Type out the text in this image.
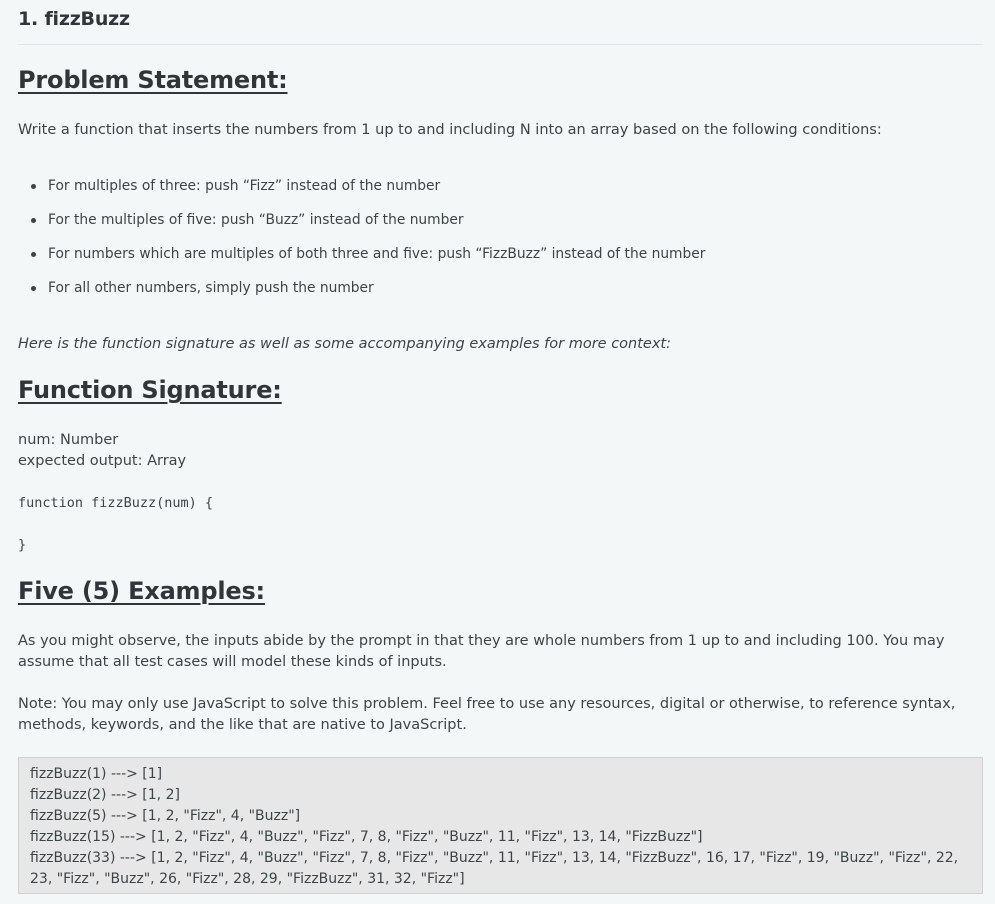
1. fizzBuzz
Problem Statement:

Write a function that inserts the numbers from 1 up to and including N into an array based on the following conditions:

For multiples of three: push “Fizz” instead of the number
For the multiples of five: push “Buzz” instead of the number
For numbers which are multiples of both three and five: push “FizzBuzz” instead of the number
For all other numbers, simply push the number

Here is the function signature as well as some accompanying examples for more context:

Function Signature:

num: Number

expected output: Array

function fizzBuzz(num) {

}

Five (5) Examples:

As you might observe, the inputs abide by the prompt in that they are whole numbers from 1 up to and including 100. You may assume that all test cases will model these kinds of inputs.

Note: You may only use JavaScript to solve this problem. Feel free to use any resources, digital or otherwise, to reference syntax, methods, keywords, and the like that are native to JavaScript.

fizzBuzz(1) ---> [1]
fizzBuzz(2) ---> [1, 2]
fizzBuzz(5) ---> [1, 2, "Fizz", 4, "Buzz"]
fizzBuzz(15) ---> [1, 2, "Fizz", 4, "Buzz", "Fizz", 7, 8, "Fizz", "Buzz", 11, "Fizz", 13, 14, "FizzBuzz"]
fizzBuzz(33) ---> [1, 2, "Fizz", 4, "Buzz", "Fizz", 7, 8, "Fizz", "Buzz", 11, "Fizz", 13, 14, "FizzBuzz", 16, 17, "Fizz", 19, "Buzz", "Fizz", 22, 23, "Fizz", "Buzz", 26, "Fizz", 28, 29, "FizzBuzz", 31, 32, "Fizz"]
